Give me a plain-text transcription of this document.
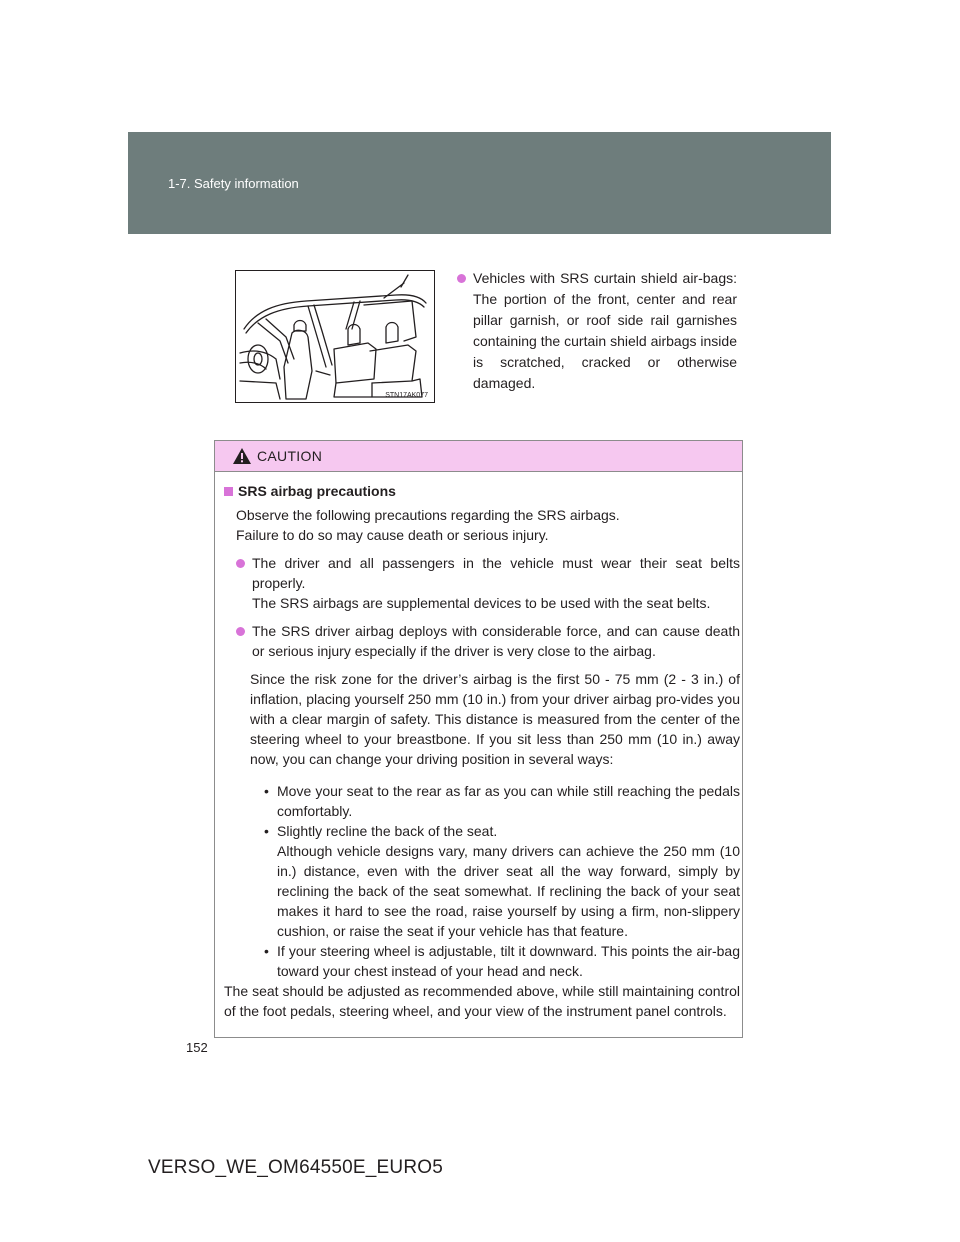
1-7. Safety information
STN17AK077
Vehicles with SRS curtain shield air-bags: The portion of the front, center and rear pillar garnish, or roof side rail garnishes containing the curtain shield airbags inside is scratched, cracked or otherwise damaged.
CAUTION
SRS airbag precautions
Observe the following precautions regarding the SRS airbags.
Failure to do so may cause death or serious injury.
The driver and all passengers in the vehicle must wear their seat belts properly.
The SRS airbags are supplemental devices to be used with the seat belts.
The SRS driver airbag deploys with considerable force, and can cause death or serious injury especially if the driver is very close to the airbag.
Since the risk zone for the driver’s airbag is the first 50 - 75 mm (2 - 3 in.) of inflation, placing yourself 250 mm (10 in.) from your driver airbag pro-vides you with a clear margin of safety. This distance is measured from the center of the steering wheel to your breastbone. If you sit less than 250 mm (10 in.) away now, you can change your driving position in several ways:
• Move your seat to the rear as far as you can while still reaching the pedals comfortably.
• Slightly recline the back of the seat.
Although vehicle designs vary, many drivers can achieve the 250 mm (10 in.) distance, even with the driver seat all the way forward, simply by reclining the back of the seat somewhat. If reclining the back of your seat makes it hard to see the road, raise yourself by using a firm, non-slippery cushion, or raise the seat if your vehicle has that feature.
• If your steering wheel is adjustable, tilt it downward. This points the air-bag toward your chest instead of your head and neck.
The seat should be adjusted as recommended above, while still maintaining control of the foot pedals, steering wheel, and your view of the instrument panel controls.
152
VERSO_WE_OM64550E_EURO5
